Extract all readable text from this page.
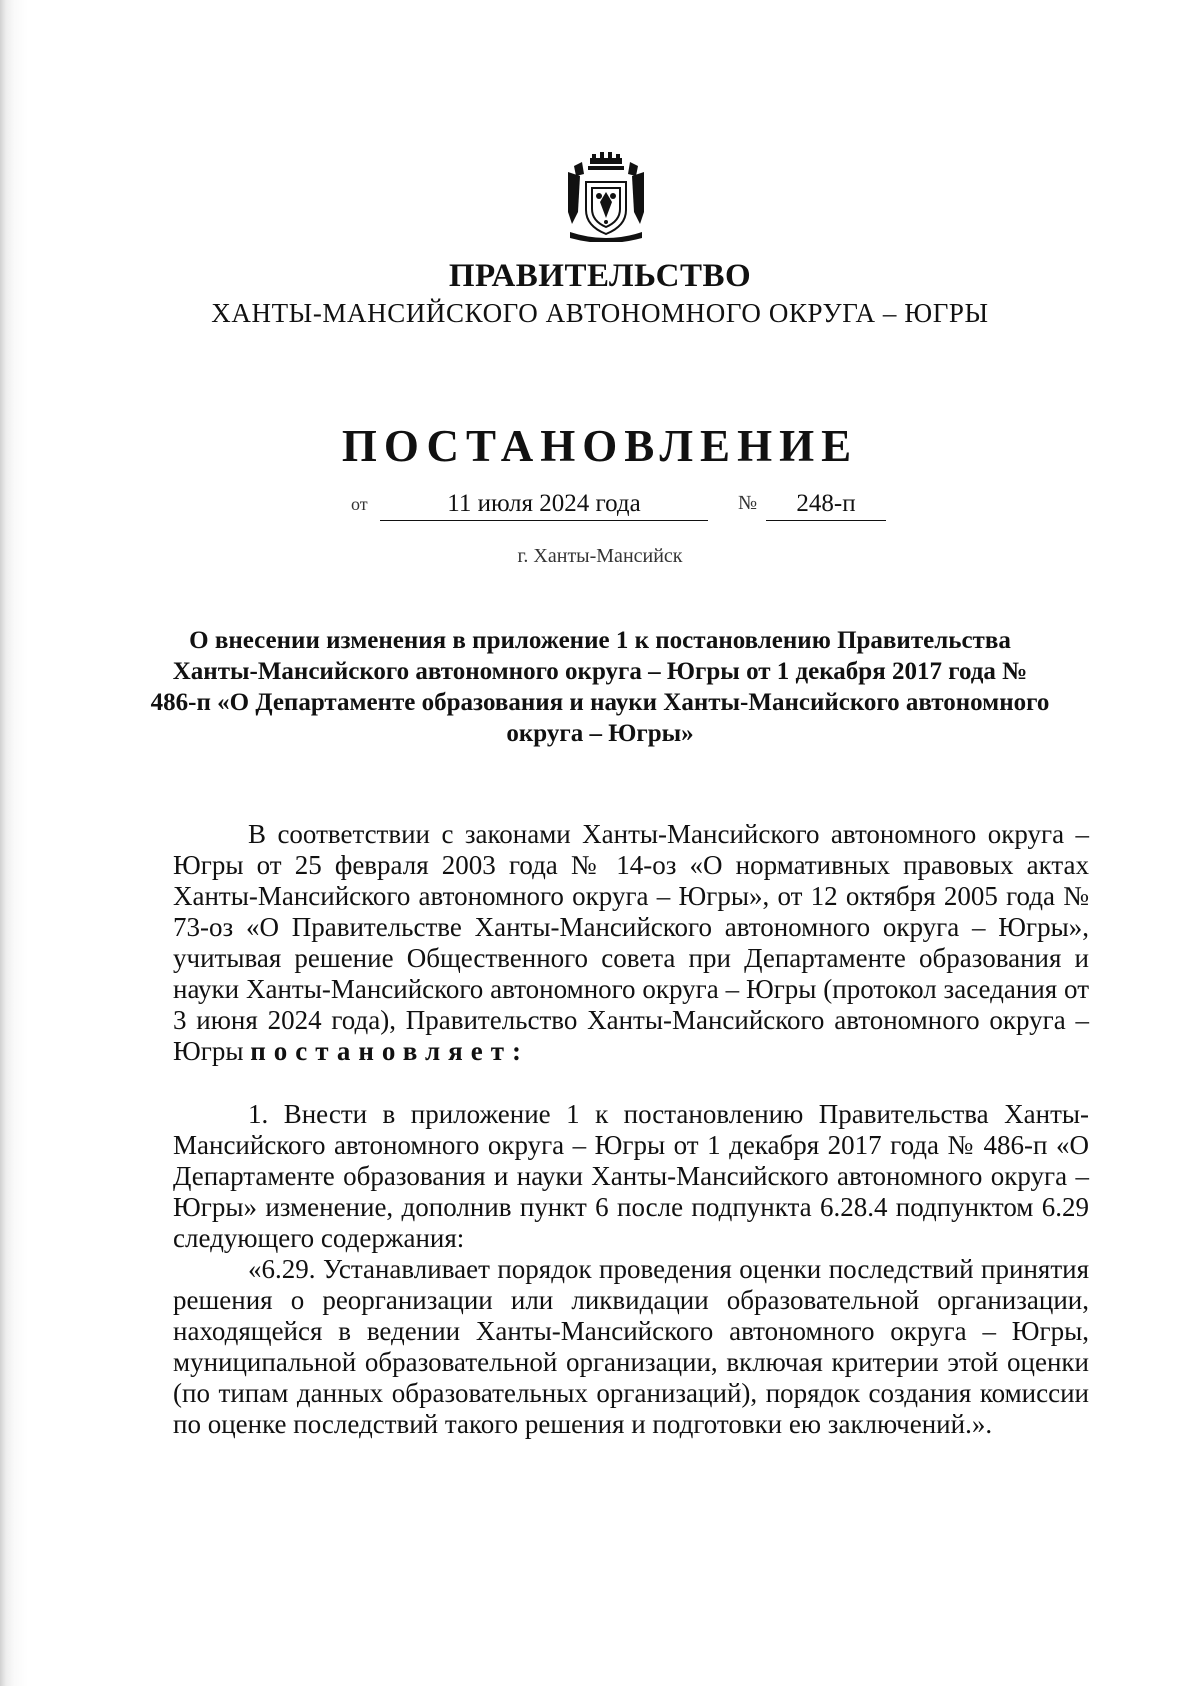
ПРАВИТЕЛЬСТВО
ХАНТЫ-МАНСИЙСКОГО АВТОНОМНОГО ОКРУГА – ЮГРЫ
ПОСТАНОВЛЕНИЕ
от	11 июля 2024 года	№	248-п
г. Ханты-Мансийск
О внесении изменения в приложение 1 к постановлению Правительства Ханты-Мансийского автономного округа – Югры от 1 декабря 2017 года № 486-п «О Департаменте образования и науки Ханты-Мансийского автономного округа – Югры»

В соответствии с законами Ханты-Мансийского автономного округа – Югры от 25 февраля 2003 года № 14-оз «О нормативных правовых актах Ханты-Мансийского автономного округа – Югры», от 12 октября 2005 года № 73-оз «О Правительстве Ханты-Мансийского автономного округа – Югры», учитывая решение Общественного совета при Департаменте образования и науки Ханты-Мансийского автономного округа – Югры (протокол заседания от 3 июня 2024 года), Правительство Ханты-Мансийского автономного округа – Югры постановляет:

1. Внести в приложение 1 к постановлению Правительства Ханты-Мансийского автономного округа – Югры от 1 декабря 2017 года № 486-п «О Департаменте образования и науки Ханты-Мансийского автономного округа – Югры» изменение, дополнив пункт 6 после подпункта 6.28.4 подпунктом 6.29 следующего содержания:

«6.29. Устанавливает порядок проведения оценки последствий принятия решения о реорганизации или ликвидации образовательной организации, находящейся в ведении Ханты-Мансийского автономного округа – Югры, муниципальной образовательной организации, включая критерии этой оценки (по типам данных образовательных организаций), порядок создания комиссии по оценке последствий такого решения и подготовки ею заключений.».
